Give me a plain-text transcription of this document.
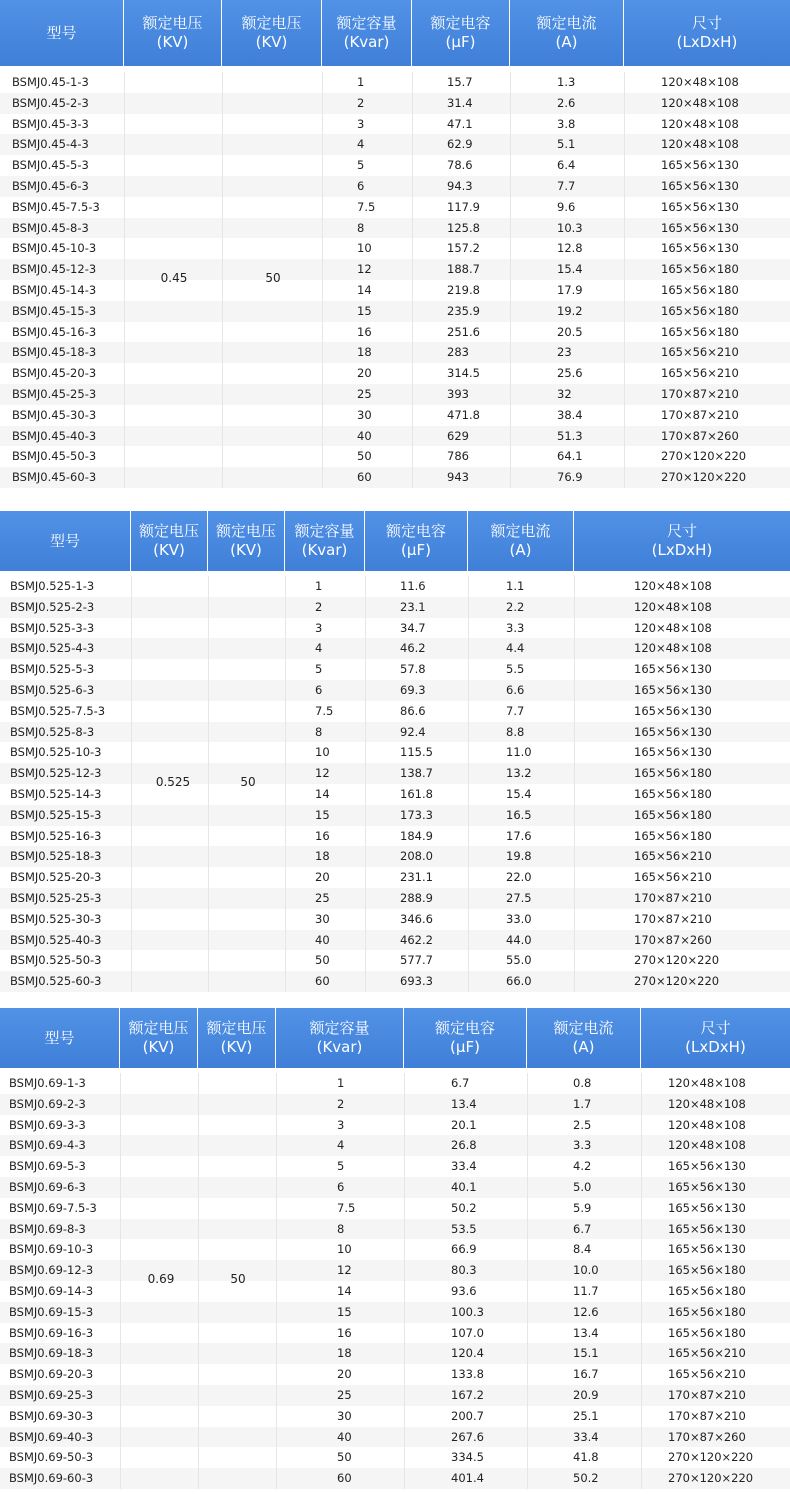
型号
额定电压
(KV)
额定电压
(KV)
额定容量
(Kvar)
额定电容
(μF)
额定电流
(A)
尺寸
(LxDxH)
BSMJ0.45-1-3	1	15.7	1.3	120×48×108
BSMJ0.45-2-3	2	31.4	2.6	120×48×108
BSMJ0.45-3-3	3	47.1	3.8	120×48×108
BSMJ0.45-4-3	4	62.9	5.1	120×48×108
BSMJ0.45-5-3	5	78.6	6.4	165×56×130
BSMJ0.45-6-3	6	94.3	7.7	165×56×130
BSMJ0.45-7.5-3	7.5	117.9	9.6	165×56×130
BSMJ0.45-8-3	8	125.8	10.3	165×56×130
BSMJ0.45-10-3	10	157.2	12.8	165×56×130
BSMJ0.45-12-3	12	188.7	15.4	165×56×180
BSMJ0.45-14-3	14	219.8	17.9	165×56×180
BSMJ0.45-15-3	15	235.9	19.2	165×56×180
BSMJ0.45-16-3	16	251.6	20.5	165×56×180
BSMJ0.45-18-3	18	283	23	165×56×210
BSMJ0.45-20-3	20	314.5	25.6	165×56×210
BSMJ0.45-25-3	25	393	32	170×87×210
BSMJ0.45-30-3	30	471.8	38.4	170×87×210
BSMJ0.45-40-3	40	629	51.3	170×87×260
BSMJ0.45-50-3	50	786	64.1	270×120×220
BSMJ0.45-60-3	60	943	76.9	270×120×220
0.45	50
型号
额定电压
(KV)
额定电压
(KV)
额定容量
(Kvar)
额定电容
(μF)
额定电流
(A)
尺寸
(LxDxH)
BSMJ0.525-1-3	1	11.6	1.1	120×48×108
BSMJ0.525-2-3	2	23.1	2.2	120×48×108
BSMJ0.525-3-3	3	34.7	3.3	120×48×108
BSMJ0.525-4-3	4	46.2	4.4	120×48×108
BSMJ0.525-5-3	5	57.8	5.5	165×56×130
BSMJ0.525-6-3	6	69.3	6.6	165×56×130
BSMJ0.525-7.5-3	7.5	86.6	7.7	165×56×130
BSMJ0.525-8-3	8	92.4	8.8	165×56×130
BSMJ0.525-10-3	10	115.5	11.0	165×56×130
BSMJ0.525-12-3	12	138.7	13.2	165×56×180
BSMJ0.525-14-3	14	161.8	15.4	165×56×180
BSMJ0.525-15-3	15	173.3	16.5	165×56×180
BSMJ0.525-16-3	16	184.9	17.6	165×56×180
BSMJ0.525-18-3	18	208.0	19.8	165×56×210
BSMJ0.525-20-3	20	231.1	22.0	165×56×210
BSMJ0.525-25-3	25	288.9	27.5	170×87×210
BSMJ0.525-30-3	30	346.6	33.0	170×87×210
BSMJ0.525-40-3	40	462.2	44.0	170×87×260
BSMJ0.525-50-3	50	577.7	55.0	270×120×220
BSMJ0.525-60-3	60	693.3	66.0	270×120×220
0.525	50
型号
额定电压
(KV)
额定电压
(KV)
额定容量
(Kvar)
额定电容
(μF)
额定电流
(A)
尺寸
(LxDxH)
BSMJ0.69-1-3	1	6.7	0.8	120×48×108
BSMJ0.69-2-3	2	13.4	1.7	120×48×108
BSMJ0.69-3-3	3	20.1	2.5	120×48×108
BSMJ0.69-4-3	4	26.8	3.3	120×48×108
BSMJ0.69-5-3	5	33.4	4.2	165×56×130
BSMJ0.69-6-3	6	40.1	5.0	165×56×130
BSMJ0.69-7.5-3	7.5	50.2	5.9	165×56×130
BSMJ0.69-8-3	8	53.5	6.7	165×56×130
BSMJ0.69-10-3	10	66.9	8.4	165×56×130
BSMJ0.69-12-3	12	80.3	10.0	165×56×180
BSMJ0.69-14-3	14	93.6	11.7	165×56×180
BSMJ0.69-15-3	15	100.3	12.6	165×56×180
BSMJ0.69-16-3	16	107.0	13.4	165×56×180
BSMJ0.69-18-3	18	120.4	15.1	165×56×210
BSMJ0.69-20-3	20	133.8	16.7	165×56×210
BSMJ0.69-25-3	25	167.2	20.9	170×87×210
BSMJ0.69-30-3	30	200.7	25.1	170×87×210
BSMJ0.69-40-3	40	267.6	33.4	170×87×260
BSMJ0.69-50-3	50	334.5	41.8	270×120×220
BSMJ0.69-60-3	60	401.4	50.2	270×120×220
0.69	50
